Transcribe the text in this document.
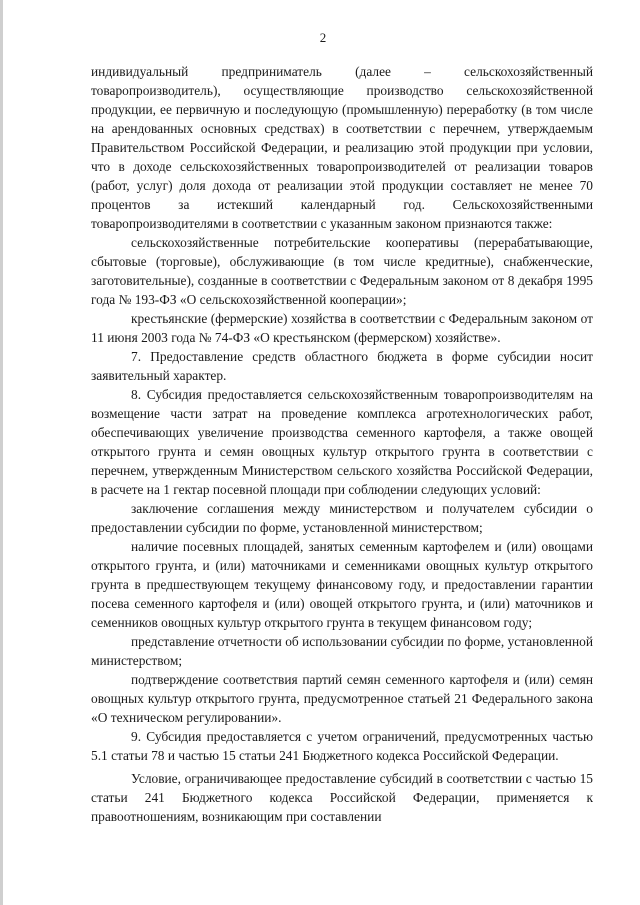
2

индивидуальный предприниматель (далее – сельскохозяйственный товаропроизводитель), осуществляющие производство сельскохозяйственной продукции, ее первичную и последующую (промышленную) переработку (в том числе на арендованных основных средствах) в соответствии с перечнем, утверждаемым Правительством Российской Федерации, и реализацию этой продукции при условии, что в доходе сельскохозяйственных товаропроизводителей от реализации товаров (работ, услуг) доля дохода от реализации этой продукции составляет не менее 70 процентов за истекший календарный год. Сельскохозяйственными товаропроизводителями в соответствии с указанным законом признаются также:

сельскохозяйственные потребительские кооперативы (перерабатывающие, сбытовые (торговые), обслуживающие (в том числе кредитные), снабженческие, заготовительные), созданные в соответствии с Федеральным законом от 8 декабря 1995 года № 193-ФЗ «О сельскохозяйственной кооперации»;

крестьянские (фермерские) хозяйства в соответствии с Федеральным законом от 11 июня 2003 года № 74-ФЗ «О крестьянском (фермерском) хозяйстве».

7. Предоставление средств областного бюджета в форме субсидии носит заявительный характер.

8. Субсидия предоставляется сельскохозяйственным товаропроизводителям на возмещение части затрат на проведение комплекса агротехнологических работ, обеспечивающих увеличение производства семенного картофеля, а также овощей открытого грунта и семян овощных культур открытого грунта в соответствии с перечнем, утвержденным Министерством сельского хозяйства Российской Федерации, в расчете на 1 гектар посевной площади при соблюдении следующих условий:

заключение соглашения между министерством и получателем субсидии о предоставлении субсидии по форме, установленной министерством;

наличие посевных площадей, занятых семенным картофелем и (или) овощами открытого грунта, и (или) маточниками и семенниками овощных культур открытого грунта в предшествующем текущему финансовому году, и предоставлении гарантии посева семенного картофеля и (или) овощей открытого грунта, и (или) маточников и семенников овощных культур открытого грунта в текущем финансовом году;

представление отчетности об использовании субсидии по форме, установленной министерством;

подтверждение соответствия партий семян семенного картофеля и (или) семян овощных культур открытого грунта, предусмотренное статьей 21 Федерального закона «О техническом регулировании».

9. Субсидия предоставляется с учетом ограничений, предусмотренных частью 5.1 статьи 78 и частью 15 статьи 241 Бюджетного кодекса Российской Федерации.

Условие, ограничивающее предоставление субсидий в соответствии с частью 15 статьи 241 Бюджетного кодекса Российской Федерации, применяется к правоотношениям, возникающим при составлении
